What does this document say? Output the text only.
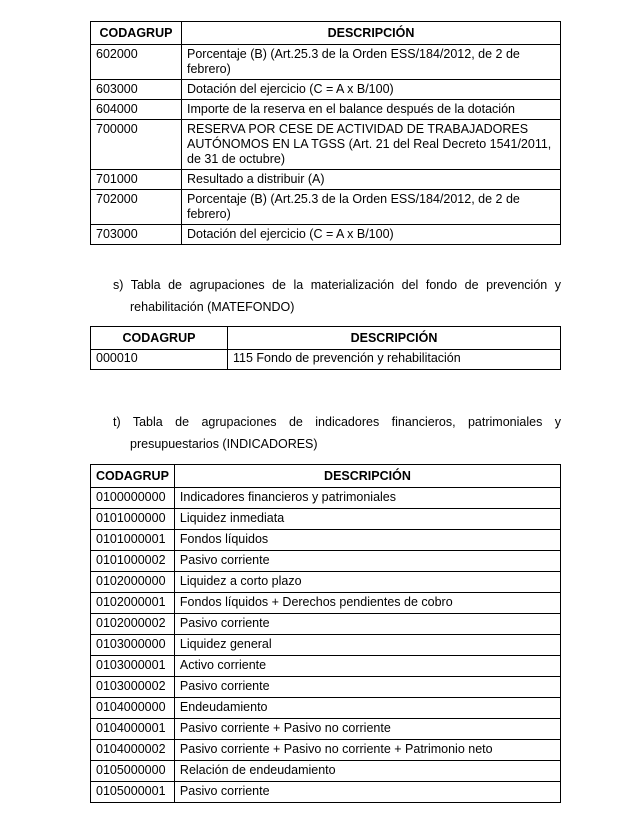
CODAGRUP	DESCRIPCIÓN
602000	Porcentaje (B) (Art.25.3 de la Orden ESS/184/2012, de 2 de febrero)
603000	Dotación del ejercicio (C = A x B/100)
604000	Importe de la reserva en el balance después de la dotación
700000	RESERVA POR CESE DE ACTIVIDAD DE TRABAJADORES AUTÓNOMOS EN LA TGSS (Art. 21 del Real Decreto 1541/2011, de 31 de octubre)
701000	Resultado a distribuir (A)
702000	Porcentaje (B) (Art.25.3 de la Orden ESS/184/2012, de 2 de febrero)
703000	Dotación del ejercicio (C = A x B/100)
s) Tabla de agrupaciones de la materialización del fondo de prevención y
rehabilitación (MATEFONDO)
CODAGRUP	DESCRIPCIÓN
000010	115 Fondo de prevención y rehabilitación
t) Tabla de agrupaciones de indicadores financieros, patrimoniales y
presupuestarios (INDICADORES)
CODAGRUP	DESCRIPCIÓN
0100000000	Indicadores financieros y patrimoniales
0101000000	Liquidez inmediata
0101000001	Fondos líquidos
0101000002	Pasivo corriente
0102000000	Liquidez a corto plazo
0102000001	Fondos líquidos + Derechos pendientes de cobro
0102000002	Pasivo corriente
0103000000	Liquidez general
0103000001	Activo corriente
0103000002	Pasivo corriente
0104000000	Endeudamiento
0104000001	Pasivo corriente + Pasivo no corriente
0104000002	Pasivo corriente + Pasivo no corriente + Patrimonio neto
0105000000	Relación de endeudamiento
0105000001	Pasivo corriente
